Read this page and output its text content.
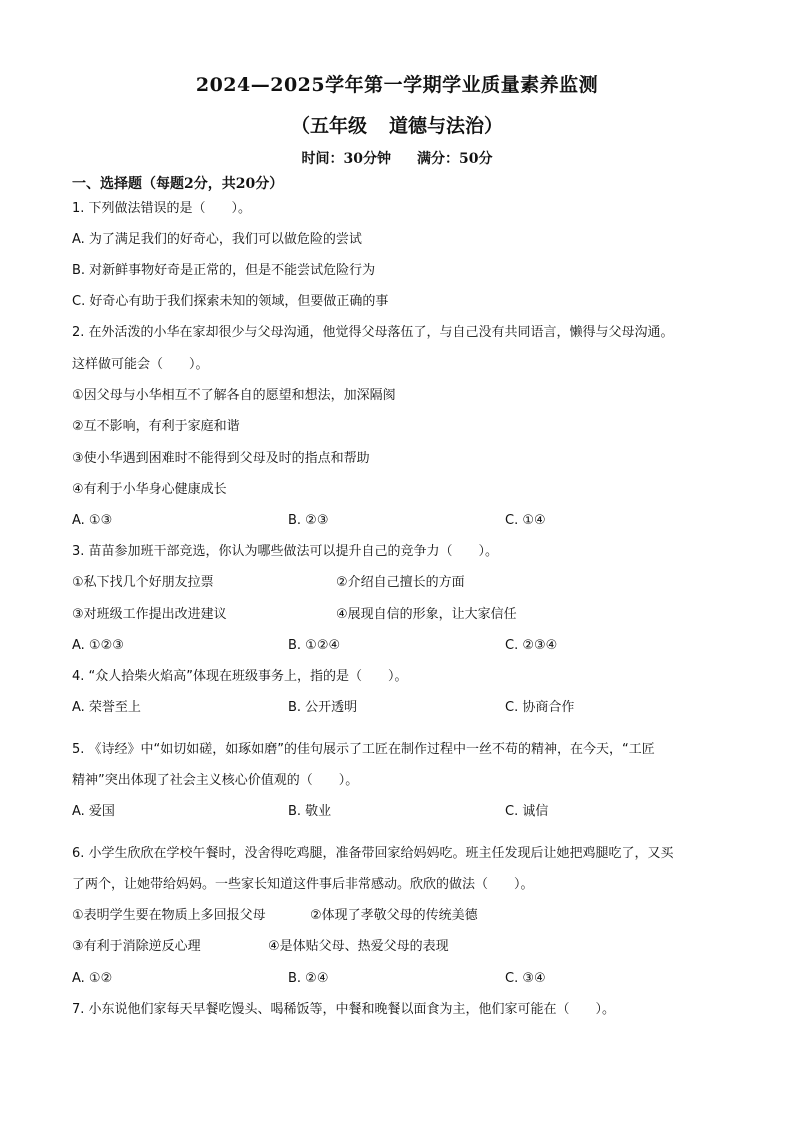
2024—2025学年第一学期学业质量素养监测
（五年级 道德与法治）
时间：30分钟 满分：50分
一、选择题（每题2分，共20分）
1. 下列做法错误的是（　　）。
A. 为了满足我们的好奇心，我们可以做危险的尝试
B. 对新鲜事物好奇是正常的，但是不能尝试危险行为
C. 好奇心有助于我们探索未知的领域，但要做正确的事
2. 在外活泼的小华在家却很少与父母沟通，他觉得父母落伍了，与自己没有共同语言，懒得与父母沟通。
这样做可能会（　　）。
①因父母与小华相互不了解各自的愿望和想法，加深隔阂
②互不影响，有利于家庭和谐
③使小华遇到困难时不能得到父母及时的指点和帮助
④有利于小华身心健康成长
A. ①③	B. ②③	C. ①④
3. 苗苗参加班干部竞选，你认为哪些做法可以提升自己的竞争力（　　）。
①私下找几个好朋友拉票	②介绍自己擅长的方面
③对班级工作提出改进建议	④展现自信的形象，让大家信任
A. ①②③	B. ①②④	C. ②③④
4. “众人拾柴火焰高”体现在班级事务上，指的是（　　）。
A. 荣誉至上	B. 公开透明	C. 协商合作
5. 《诗经》中“如切如磋，如琢如磨”的佳句展示了工匠在制作过程中一丝不苟的精神，在今天，“工匠
精神”突出体现了社会主义核心价值观的（　　）。
A. 爱国	B. 敬业	C. 诚信
6. 小学生欣欣在学校午餐时，没舍得吃鸡腿，准备带回家给妈妈吃。班主任发现后让她把鸡腿吃了，又买
了两个，让她带给妈妈。一些家长知道这件事后非常感动。欣欣的做法（　　）。
①表明学生要在物质上多回报父母	②体现了孝敬父母的传统美德
③有利于消除逆反心理	④是体贴父母、热爱父母的表现
A. ①②	B. ②④	C. ③④
7. 小东说他们家每天早餐吃馒头、喝稀饭等，中餐和晚餐以面食为主，他们家可能在（　　）。
